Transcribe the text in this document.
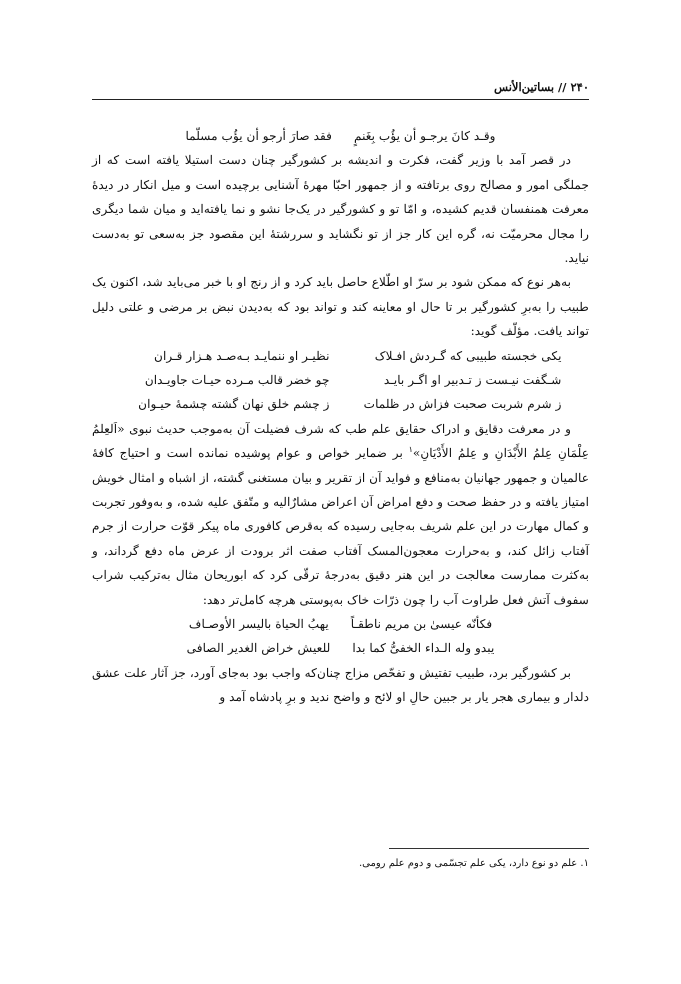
۲۴۰ // بساتین‌الأنس
وقـد کانَ یرجـو أن یؤُب بِغَنمٍ
فقد صارَ أرجو أن یؤُب مسلّما

در قصر آمد با وزیر گفت، فکرت و اندیشه بر کشورگیر چنان دست استیلا یافته است که از جملگی امور و مصالح روی برتافته و از جمهور احبّا مهرهٔ آشنایی برچیده است و میل انکار در دیدهٔ معرفت همنفسان قدیم کشیده، و امّا تو و کشورگیر در یک‌جا نشو و نما یافته‌اید و میان شما دیگری را مجال محرمیّت نه، گره این کار جز از تو نگشاید و سررشتهٔ این مقصود جز به‌سعی تو به‌دست نیاید.

به‌هر نوع که ممکن شود بر سرّ او اطّلاع حاصل باید کرد و از رنج او با خبر می‌باید شد، اکنون یک طبیب را به‌برِ کشورگیر بر تا حال او معاینه کند و تواند بود که به‌دیدن نبض بر مرضی و علتی دلیل تواند یافت. مؤلّف گوید:

یکی خجسته طبیبی که گـردش افـلاک
نظیـر او ننمایـد بـه‌صـد هـزار قـران
شـگفت نیـست ز تـدبیر او اگـر بایـد
چو خضر قالب مـرده حیـات جاویـدان
ز شرم شربت صحبت فزاش در ظلمات
ز چشم خلق نهان گشته چشمهٔ حیـوان

و در معرفت دقایق و ادراک حقایق علم طب که شرف فضیلت آن به‌موجب حدیث نبوی «اَلعِلمُ عِلْمَانِ عِلمُ الأَبْدَانِ و عِلمُ الأَدْیَانِ»$^۱$ بر ضمایر خواص و عوام پوشیده نمانده است و احتیاج کافهٔ عالمیان و جمهور جهانیان به‌منافع و فواید آن از تقریر و بیان مستغنی گشته، از اشباه و امثال خویش امتیاز یافته و در حفظ صحت و دفع امراض آن اعراض مشارٌالیه و متّفق علیه شده، و به‌وفور تجربت و کمال مهارت در این علم شریف به‌جایی رسیده که به‌قرص کافوری ماه پیکر قوّت حرارت از جرم آفتاب زائل کند، و به‌حرارت معجون‌المسک آفتاب صفت اثر برودت از عرض ماه دفع گرداند، و به‌کثرت ممارست معالجت در این هنر دقیق به‌درجهٔ ترقّی کرد که ابوریحان مثال به‌ترکیب شراب سفوف آتش فعل طراوت آب را چون ذرّات خاک به‌پوستی هرچه کامل‌تر دهد:

فکأنّه عیسیٰ بن مریم ناطقـاً
یهبُ الحیاة بالیسر الأوصـاف
یبدو وله الـداء الخفیُّ کما بدا
للعیش خراض الغدیر الصافی

بر کشورگیر برد، طبیب تفتیش و تفحّص مزاج چنان‌که واجب بود به‌جای آورد، جز آثار علت عشق دلدار و بیماری هجر یار بر جبین حالِ او لائح و واضح ندید و برِ پادشاه آمد و

۱. علم دو نوع دارد، یکی علم تجسّمی و دوم علم رومی.
